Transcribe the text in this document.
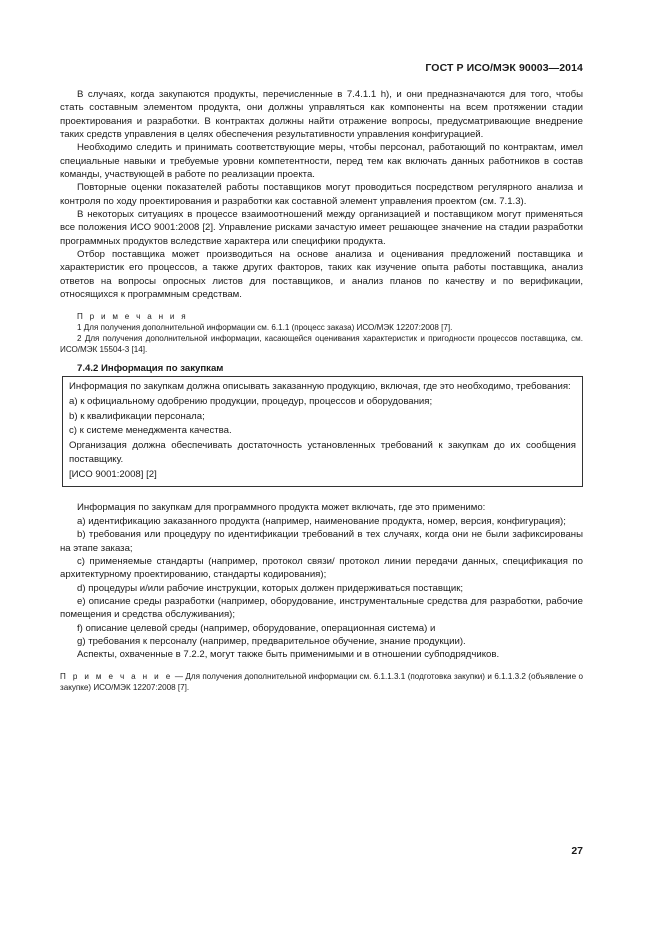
ГОСТ Р ИСО/МЭК 90003—2014

В случаях, когда закупаются продукты, перечисленные в 7.4.1.1 h), и они предназначаются для того, чтобы стать составным элементом продукта, они должны управляться как компоненты на всем протяжении стадии проектирования и разработки. В контрактах должны найти отражение вопросы, предусматривающие внедрение таких средств управления в целях обеспечения результативности управления конфигурацией.

Необходимо следить и принимать соответствующие меры, чтобы персонал, работающий по контрактам, имел специальные навыки и требуемые уровни компетентности, перед тем как включать данных работников в состав команды, участвующей в работе по реализации проекта.

Повторные оценки показателей работы поставщиков могут проводиться посредством регулярного анализа и контроля по ходу проектирования и разработки как составной элемент управления проектом (см. 7.1.3).

В некоторых ситуациях в процессе взаимоотношений между организацией и поставщиком могут применяться все положения ИСО 9001:2008 [2]. Управление рисками зачастую имеет решающее значение на стадии разработки программных продуктов вследствие характера или специфики продукта.

Отбор поставщика может производиться на основе анализа и оценивания предложений поставщика и характеристик его процессов, а также других факторов, таких как изучение опыта работы поставщика, анализ ответов на вопросы опросных листов для поставщиков, и анализ планов по качеству и по верификации, относящихся к программным средствам.

П р и м е ч а н и я

1 Для получения дополнительной информации см. 6.1.1 (процесс заказа) ИСО/МЭК 12207:2008 [7].

2 Для получения дополнительной информации, касающейся оценивания характеристик и пригодности процессов поставщика, см. ИСО/МЭК 15504-3 [14].

7.4.2 Информация по закупкам
Информация по закупкам должна описывать заказанную продукцию, включая, где это необходимо, требования:
a) к официальному одобрению продукции, процедур, процессов и оборудования;
b) к квалификации персонала;
c) к системе менеджмента качества.
Организация должна обеспечивать достаточность установленных требований к закупкам до их сообщения поставщику.
[ИСО 9001:2008] [2]

Информация по закупкам для программного продукта может включать, где это применимо:

a) идентификацию заказанного продукта (например, наименование продукта, номер, версия, конфигурация);

b) требования или процедуру по идентификации требований в тех случаях, когда они не были зафиксированы на этапе заказа;

c) применяемые стандарты (например, протокол связи/ протокол линии передачи данных, спецификация по архитектурному проектированию, стандарты кодирования);

d) процедуры и/или рабочие инструкции, которых должен придерживаться поставщик;

e) описание среды разработки (например, оборудование, инструментальные средства для разработки, рабочие помещения и средства обслуживания);

f) описание целевой среды (например, оборудование, операционная система) и

g) требования к персоналу (например, предварительное обучение, знание продукции).

Аспекты, охваченные в 7.2.2, могут также быть применимыми и в отношении субподрядчиков.

П р и м е ч а н и е — Для получения дополнительной информации см. 6.1.1.3.1 (подготовка закупки) и 6.1.1.3.2 (объявление о закупке) ИСО/МЭК 12207:2008 [7].
27
